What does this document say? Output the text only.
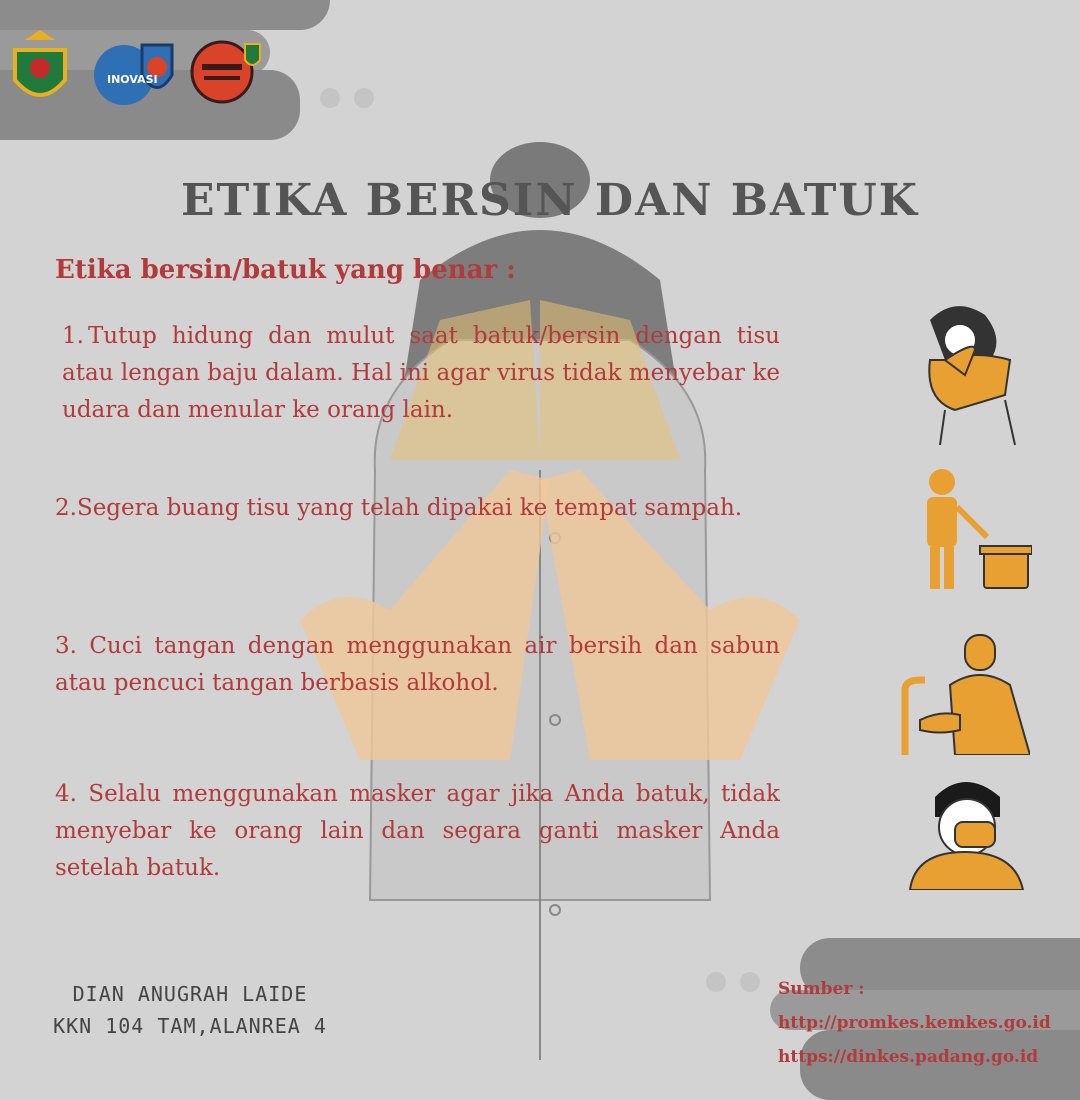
INOVASI
ETIKA BERSIN DAN BATUK
Etika bersin/batuk yang benar :

1. Tutup hidung dan mulut saat batuk/bersin dengan tisu atau lengan baju dalam. Hal ini agar virus tidak menyebar ke udara dan menular ke orang lain.

2.Segera buang tisu yang telah dipakai ke tempat sampah.

3. Cuci tangan dengan menggunakan air bersih dan sabun atau pencuci tangan berbasis alkohol.

4. Selalu menggunakan masker agar jika Anda batuk, tidak menyebar ke orang lain dan segara ganti masker Anda setelah batuk.

DIAN ANUGRAH LAIDE
KKN 104 TAM,ALANREA 4
Sumber :
http://promkes.kemkes.go.id
https://dinkes.padang.go.id
